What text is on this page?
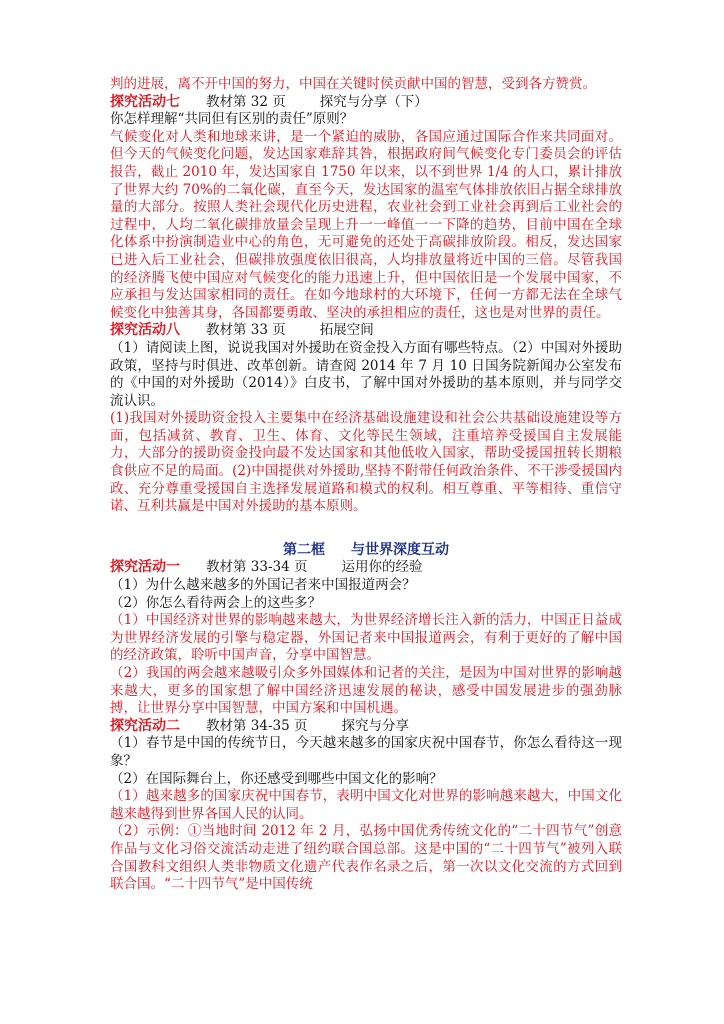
判的进展，离不开中国的努力，中国在关键时侯贡献中国的智慧，受到各方赞赏。

探究活动七 教材第 32 页	探究与分享（下）

你怎样理解“共同但有区别的责任”原则？

气候变化对人类和地球来讲，是一个紧迫的威胁，各国应通过国际合作来共同面对。但今天的气候变化问题，发达国家难辞其咎，根据政府间气候变化专门委员会的评估报告，截止 2010 年，发达国家自 1750 年以来，以不到世界 1/4 的人口，累计排放了世界大约 70%的二氧化碳，直至今天，发达国家的温室气体排放依旧占据全球排放量的大部分。按照人类社会现代化历史进程，农业社会到工业社会再到后工业社会的过程中，人均二氧化碳排放量会呈现上升一一峰值一一下降的趋势，目前中国在全球化体系中扮演制造业中心的角色，无可避免的还处于高碳排放阶段。相反，发达国家已进入后工业社会，但碳排放强度依旧很高，人均排放量将近中国的三倍。尽管我国的经济腾飞使中国应对气候变化的能力迅速上升，但中国依旧是一个发展中国家，不应承担与发达国家相同的责任。在如今地球村的大环境下，任何一方都无法在全球气候变化中独善其身，各国都要勇敢、坚决的承担相应的责任，这也是对世界的责任。

探究活动八 教材第 33 页	拓展空间

（1）请阅读上图，说说我国对外援助在资金投入方面有哪些特点。（2）中国对外援助政策，坚持与时俱进、改革创新。请查阅 2014 年 7 月 10 日国务院新闻办公室发布的《中国的对外援助（2014）》白皮书，了解中国对外援助的基本原则，并与同学交流认识。

(1)我国对外援助资金投入主要集中在经济基础设施建设和社会公共基础设施建设等方面，包括减贫、教育、卫生、体育、文化等民生领域，注重培养受援国自主发展能力，大部分的援助资金投向最不发达国家和其他低收入国家，帮助受援国扭转长期粮食供应不足的局面。(2)中国提供对外援助,坚持不附带任何政治条件、不干涉受援国内政、充分尊重受援国自主选择发展道路和模式的权利。相互尊重、平等相待、重信守诺、互利共赢是中国对外援助的基本原则。

第二框 与世界深度互动

探究活动一 教材第 33-34 页	运用你的经验

（1）为什么越来越多的外国记者来中国报道两会？

（2）你怎么看待两会上的这些多？

（1）中国经济对世界的影响越来越大，为世界经济增长注入新的活力，中国正日益成为世界经济发展的引擎与稳定器，外国记者来中国报道两会，有利于更好的了解中国的经济政策，聆听中国声音，分享中国智慧。

（2）我国的两会越来越吸引众多外国媒体和记者的关注，是因为中国对世界的影响越来越大，更多的国家想了解中国经济迅速发展的秘诀，感受中国发展进步的强劲脉搏，让世界分享中国智慧，中国方案和中国机遇。

探究活动二 教材第 34-35 页	探究与分享

（1）春节是中国的传统节日，今天越来越多的国家庆祝中国春节，你怎么看待这一现象？

（2）在国际舞台上，你还感受到哪些中国文化的影响？

（1）越来越多的国家庆祝中国春节，表明中国文化对世界的影响越来越大，中国文化越来越得到世界各国人民的认同。

（2）示例：①当地时间 2012 年 2 月，弘扬中国优秀传统文化的“二十四节气”创意作品与文化习俗交流活动走进了纽约联合国总部。这是中国的“二十四节气”被列入联合国教科文组织人类非物质文化遗产代表作名录之后，第一次以文化交流的方式回到联合国。“二十四节气”是中国传统
